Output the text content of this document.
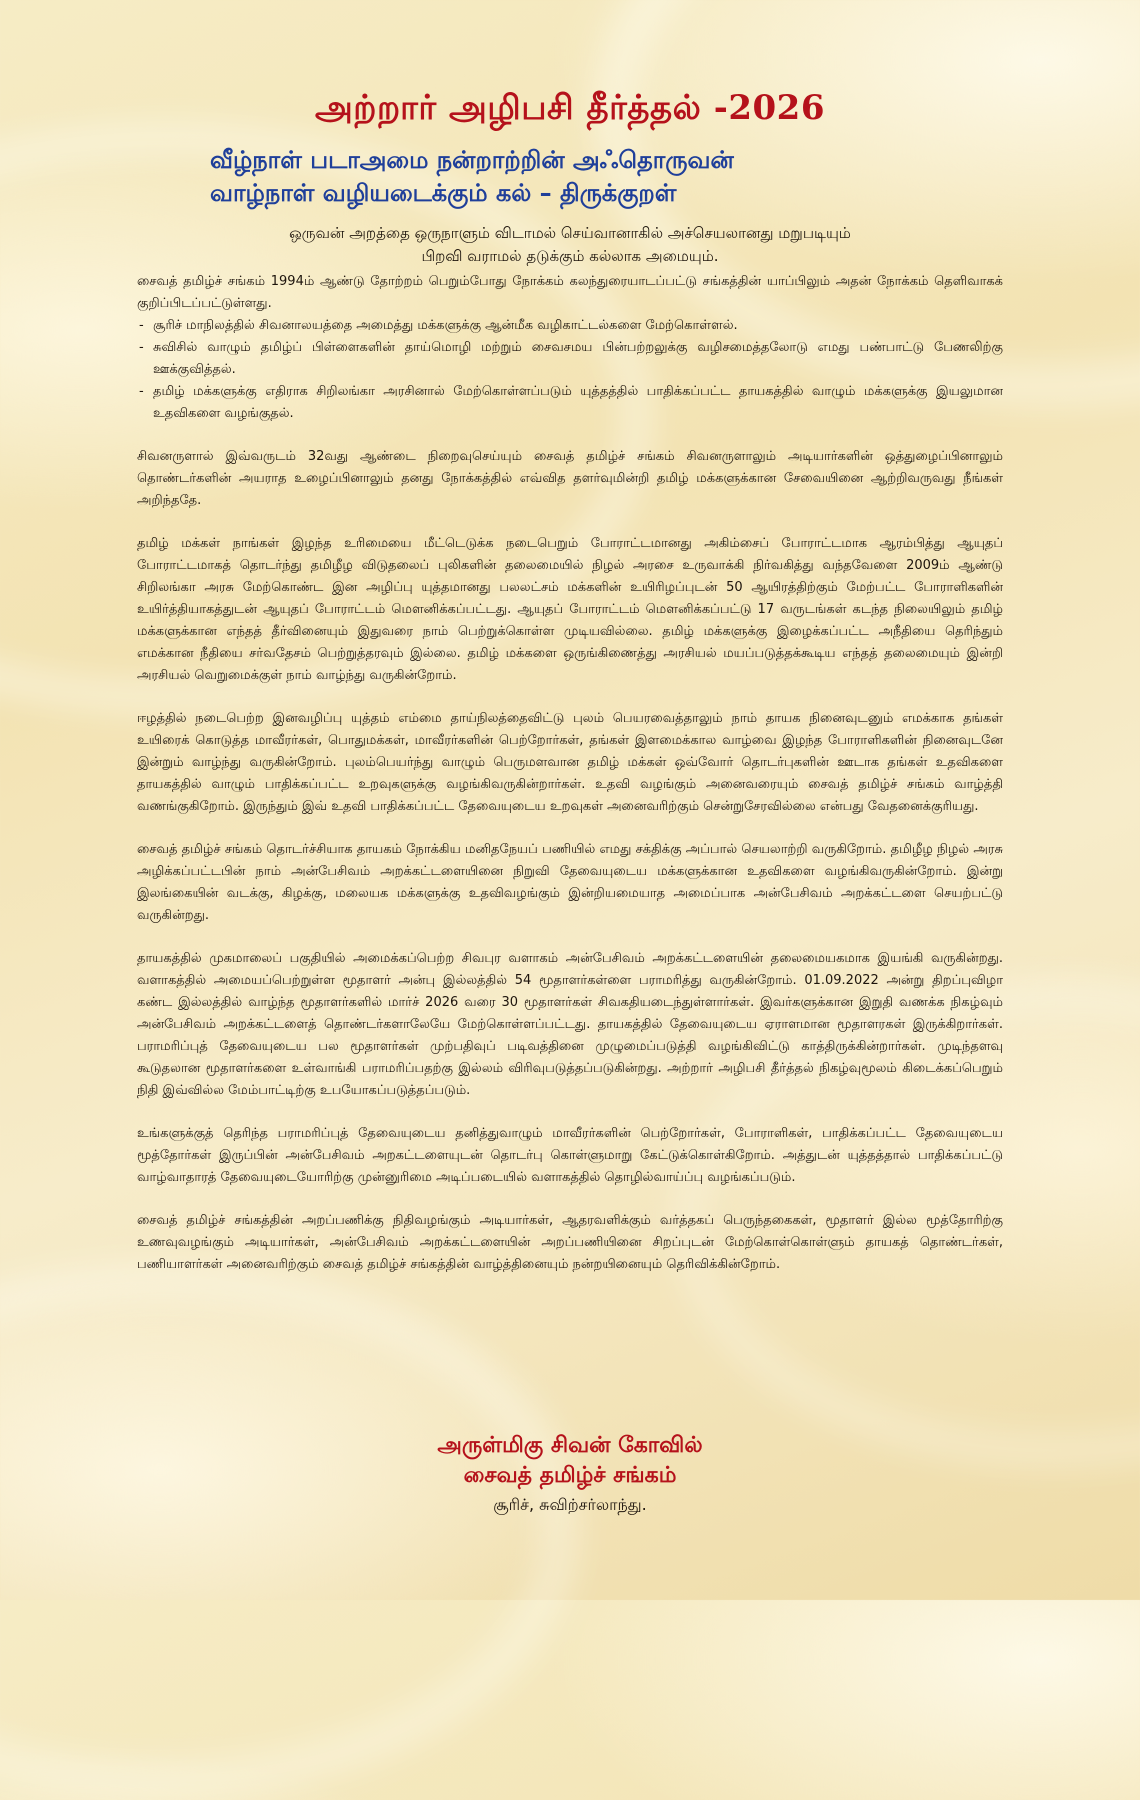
அற்றார் அழிபசி தீர்த்தல் -2026
வீழ்நாள் படாஅமை நன்றாற்றின் அஃதொருவன்
வாழ்நாள் வழியடைக்கும் கல் – திருக்குறள்
ஒருவன் அறத்தை ஒருநாளும் விடாமல் செய்வானாகில் அச்செயலானது மறுபடியும்
பிறவி வராமல் தடுக்கும் கல்லாக அமையும்.

சைவத் தமிழ்ச் சங்கம் 1994ம் ஆண்டு தோற்றம் பெறும்போது நோக்கம் கலந்துரையாடப்பட்டு சங்கத்தின் யாப்பிலும் அதன் நோக்கம் தெளிவாகக் குறிப்பிடப்பட்டுள்ளது.

- சூரிச் மாநிலத்தில் சிவனாலயத்தை அமைத்து மக்களுக்கு ஆன்மீக வழிகாட்டல்களை மேற்கொள்ளல்.
- சுவிசில் வாழும் தமிழ்ப் பிள்ளைகளின் தாய்மொழி மற்றும் சைவசமய பின்பற்றலுக்கு வழிசமைத்தலோடு எமது பண்பாட்டு பேணலிற்கு ஊக்குவித்தல்.
- தமிழ் மக்களுக்கு எதிராக சிறிலங்கா அரசினால் மேற்கொள்ளப்படும் யுத்தத்தில் பாதிக்கப்பட்ட தாயகத்தில் வாழும் மக்களுக்கு இயலுமான உதவிகளை வழங்குதல்.

சிவனருளால் இவ்வருடம் 32வது ஆண்டை நிறைவுசெய்யும் சைவத் தமிழ்ச் சங்கம் சிவனருளாலும் அடியார்களின் ஒத்துழைப்பினாலும் தொண்டர்களின் அயராத உழைப்பினாலும் தனது நோக்கத்தில் எவ்வித தளர்வுமின்றி தமிழ் மக்களுக்கான சேவையினை ஆற்றிவருவது நீங்கள் அறிந்ததே.

தமிழ் மக்கள் நாங்கள் இழந்த உரிமையை மீட்டெடுக்க நடைபெறும் போராட்டமானது அகிம்சைப் போராட்டமாக ஆரம்பித்து ஆயுதப் போராட்டமாகத் தொடர்ந்து தமிழீழ விடுதலைப் புலிகளின் தலைமையில் நிழல் அரசை உருவாக்கி நிர்வகித்து வந்தவேளை 2009ம் ஆண்டு சிறிலங்கா அரசு மேற்கொண்ட இன அழிப்பு யுத்தமானது பலலட்சம் மக்களின் உயிரிழப்புடன் 50 ஆயிரத்திற்கும் மேற்பட்ட போராளிகளின் உயிர்த்தியாகத்துடன் ஆயுதப் போராட்டம் மௌனிக்கப்பட்டது. ஆயுதப் போராட்டம் மௌனிக்கப்பட்டு 17 வருடங்கள் கடந்த நிலையிலும் தமிழ் மக்களுக்கான எந்தத் தீர்வினையும் இதுவரை நாம் பெற்றுக்கொள்ள முடியவில்லை. தமிழ் மக்களுக்கு இழைக்கப்பட்ட அநீதியை தெரிந்தும் எமக்கான நீதியை சர்வதேசம் பெற்றுத்தரவும் இல்லை. தமிழ் மக்களை ஒருங்கிணைத்து அரசியல் மயப்படுத்தக்கூடிய எந்தத் தலைமையும் இன்றி அரசியல் வெறுமைக்குள் நாம் வாழ்ந்து வருகின்றோம்.

ஈழத்தில் நடைபெற்ற இனவழிப்பு யுத்தம் எம்மை தாய்நிலத்தைவிட்டு புலம் பெயரவைத்தாலும் நாம் தாயக நினைவுடனும் எமக்காக தங்கள் உயிரைக் கொடுத்த மாவீரர்கள், பொதுமக்கள், மாவீரர்களின் பெற்றோர்கள், தங்கள் இளமைக்கால வாழ்வை இழந்த போராளிகளின் நினைவுடனே இன்றும் வாழ்ந்து வருகின்றோம். புலம்பெயர்ந்து வாழும் பெருமளவான தமிழ் மக்கள் ஒவ்வோர் தொடர்புகளின் ஊடாக தங்கள் உதவிகளை தாயகத்தில் வாழும் பாதிக்கப்பட்ட உறவுகளுக்கு வழங்கிவருகின்றார்கள். உதவி வழங்கும் அனைவரையும் சைவத் தமிழ்ச் சங்கம் வாழ்த்தி வணங்குகிறோம். இருந்தும் இவ் உதவி பாதிக்கப்பட்ட தேவையுடைய உறவுகள் அனைவரிற்கும் சென்றுசேரவில்லை என்பது வேதனைக்குரியது.

சைவத் தமிழ்ச் சங்கம் தொடர்ச்சியாக தாயகம் நோக்கிய மனிதநேயப் பணியில் எமது சக்திக்கு அப்பால் செயலாற்றி வருகிறோம். தமிழீழ நிழல் அரசு அழிக்கப்பட்டபின் நாம் அன்பேசிவம் அறக்கட்டளையினை நிறுவி தேவையுடைய மக்களுக்கான உதவிகளை வழங்கிவருகின்றோம். இன்று இலங்கையின் வடக்கு, கிழக்கு, மலையக மக்களுக்கு உதவிவழங்கும் இன்றியமையாத அமைப்பாக அன்பேசிவம் அறக்கட்டளை செயற்பட்டு வருகின்றது.

தாயகத்தில் முகமாலைப் பகுதியில் அமைக்கப்பெற்ற சிவபுர வளாகம் அன்பேசிவம் அறக்கட்டளையின் தலைமையகமாக இயங்கி வருகின்றது. வளாகத்தில் அமையப்பெற்றுள்ள மூதாளர் அன்பு இல்லத்தில் 54 மூதாளர்கள்ளை பராமரித்து வருகின்றோம். 01.09.2022 அன்று திறப்புவிழா கண்ட இல்லத்தில் வாழ்ந்த மூதாளர்களில் மார்ச் 2026 வரை 30 மூதாளர்கள் சிவகதியடைந்துள்ளார்கள். இவர்களுக்கான இறுதி வணக்க நிகழ்வும் அன்பேசிவம் அறக்கட்டளைத் தொண்டர்களாலேயே மேற்கொள்ளப்பட்டது. தாயகத்தில் தேவையுடைய ஏராளமான மூதாளரகள் இருக்கிறார்கள். பராமரிப்புத் தேவையுடைய பல மூதாளர்கள் முற்பதிவுப் படிவத்தினை முழுமைப்படுத்தி வழங்கிவிட்டு காத்திருக்கின்றார்கள். முடிந்தளவு கூடுதலான மூதாளர்களை உள்வாங்கி பராமரிப்பதற்கு இல்லம் விரிவுபடுத்தப்படுகின்றது. அற்றார் அழிபசி தீர்த்தல் நிகழ்வுமூலம் கிடைக்கப்பெறும் நிதி இவ்வில்ல மேம்பாட்டிற்கு உபயோகப்படுத்தப்படும்.

உங்களுக்குத் தெரிந்த பராமரிப்புத் தேவையுடைய தனித்துவாழும் மாவீரர்களின் பெற்றோர்கள், போராளிகள், பாதிக்கப்பட்ட தேவையுடைய மூத்தோர்கள் இருப்பின் அன்பேசிவம் அறகட்டளையுடன் தொடர்பு கொள்ளுமாறு கேட்டுக்கொள்கிறோம். அத்துடன் யுத்தத்தால் பாதிக்கப்பட்டு வாழ்வாதாரத் தேவையுடையோரிற்கு முன்னுரிமை அடிப்படையில் வளாகத்தில் தொழில்வாய்ப்பு வழங்கப்படும்.

சைவத் தமிழ்ச் சங்கத்தின் அறப்பணிக்கு நிதிவழங்கும் அடியார்கள், ஆதரவளிக்கும் வர்த்தகப் பெருந்தகைகள், மூதாளர் இல்ல மூத்தோரிற்கு உணவுவழங்கும் அடியார்கள், அன்பேசிவம் அறக்கட்டளையின் அறப்பணியினை சிறப்புடன் மேற்கொள்கொள்ளும் தாயகத் தொண்டர்கள், பணியாளர்கள் அனைவரிற்கும் சைவத் தமிழ்ச் சங்கத்தின் வாழ்த்தினையும் நன்றயினையும் தெரிவிக்கின்றோம்.

அருள்மிகு சிவன் கோவில்
சைவத் தமிழ்ச் சங்கம்
சூரிச், சுவிற்சர்லாந்து.
